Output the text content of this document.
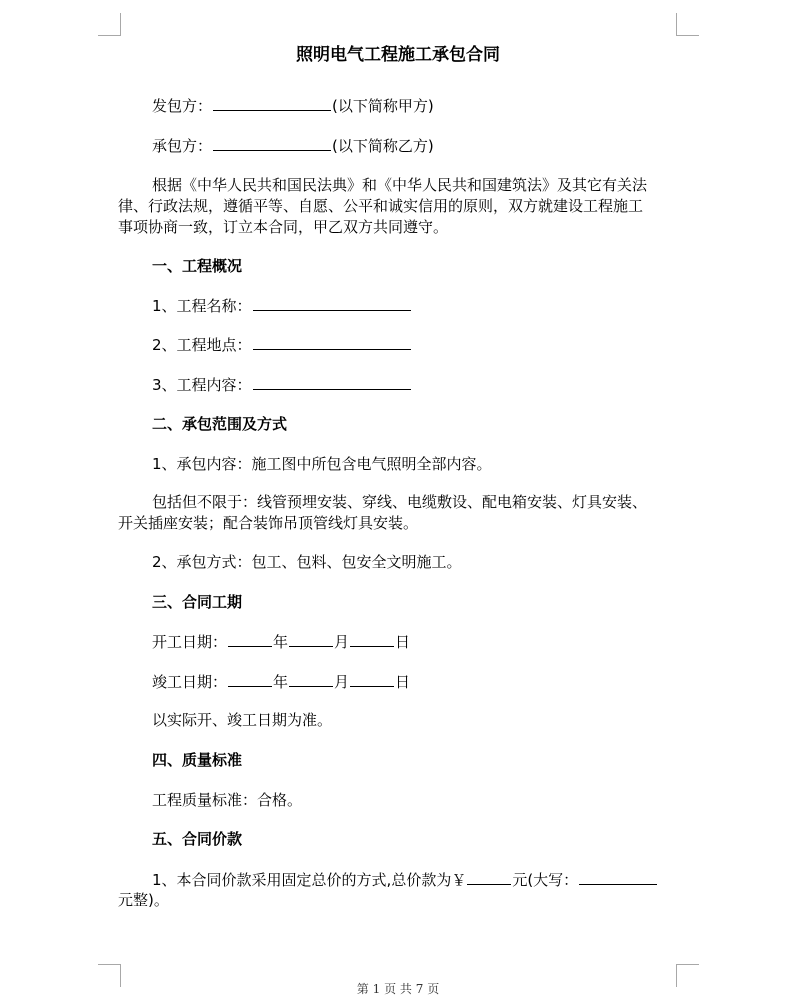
照明电气工程施工承包合同
发包方：	(以下简称甲方)
承包方：	(以下简称乙方)
根据《中华人民共和国民法典》和《中华人民共和国建筑法》及其它有关法
律、行政法规，遵循平等、自愿、公平和诚实信用的原则，双方就建设工程施工
事项协商一致，订立本合同，甲乙双方共同遵守。
一、工程概况
1、工程名称：
2、工程地点：
3、工程内容：
二、承包范围及方式
1、承包内容：施工图中所包含电气照明全部内容。
包括但不限于：线管预埋安装、穿线、电缆敷设、配电箱安装、灯具安装、
开关插座安装；配合装饰吊顶管线灯具安装。
2、承包方式：包工、包料、包安全文明施工。
三、合同工期
开工日期：	年	月	日
竣工日期：	年	月	日
以实际开、竣工日期为准。
四、质量标准
工程质量标准：合格。
五、合同价款
1、本合同价款采用固定总价的方式,总价款为￥	元(大写：
元整)。
第 1 页 共 7 页
